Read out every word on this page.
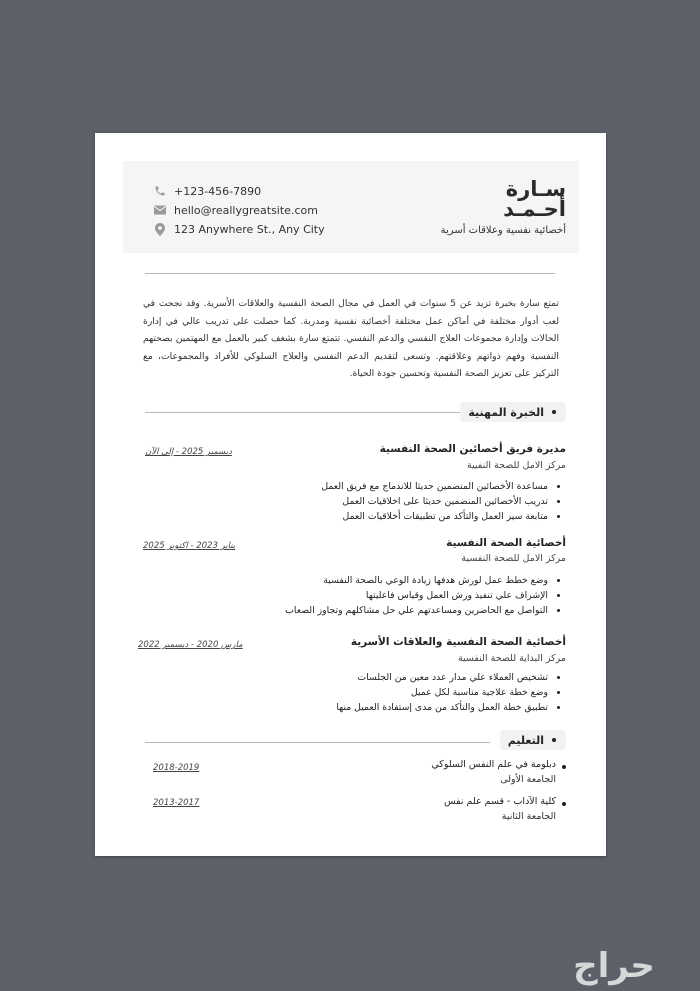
سـارة
أحـمـد
أخصائية نفسية وعلاقات أسرية
+123-456-7890
hello@reallygreatsite.com
123 Anywhere St., Any City

تمتع سارة بخبرة تزيد عن 5 سنوات في العمل في مجال الصحة النفسية والعلاقات الأسرية. وقد نجحت في لعب أدوار مختلفة في أماكن عمل مختلفة أخصائية نفسية ومدربة. كما حصلت على تدريب عالي في إدارة الحالات وإدارة مجموعات العلاج النفسي والدعم النفسي. تتمتع سارة بشغف كبير بالعمل مع المهتمين بصحتهم النفسية وفهم ذواتهم وعلاقتهم. وتسعى لتقديم الدعم النفسي والعلاج السلوكي للأفراد والمجموعات، مع التركيز على تعزيز الصحة النفسية وتحسين جودة الحياة.

الخبرة المهنية
مديرة فريق أخصائين الصحة النفسية
مركز الامل للصحة النفيية
ديسمبر 2025 - إلى الآن
• مساعدة الأخصائين المنضمين حديثا للاندماج مع فريق العمل
• تدريب الأخصائين المنضمين حديثا على اخلاقيات العمل
• متابعة سير العمل والتأكد من تطبيقات أخلاقيات العمل
أخصائية الصحة النفسية
مركز الامل للصحة النفسية
يناير 2023 - اكتوبر 2025
• وضع خطط عمل لورش هدفها زيادة الوعي بالصحة النفسية
• الإشراف علي تنفيذ ورش العمل وقياس فاعليتها
• التواصل مع الحاضرين ومساعدتهم علي حل مشاكلهم وتجاوز الصعاب
أخصائية الصحة النفسية والعلاقات الأسرية
مركز البداية للصحة النفسية
مارس 2020 - ديسمبر 2022
• تشخيص العملاء علي مدار عدد معين من الجلسات
• وضع خطة علاجية مناسبة لكل عميل
• تطبيق خطة العمل والتأكد من مدى إستفادة العميل منها
التعليم
دبلومة في علم النفس السلوكي
الجامعة الأولى
2018-2019
كلية الآداب - قسم علم نفس
الجامعة الثانية
2013-2017
حراج
